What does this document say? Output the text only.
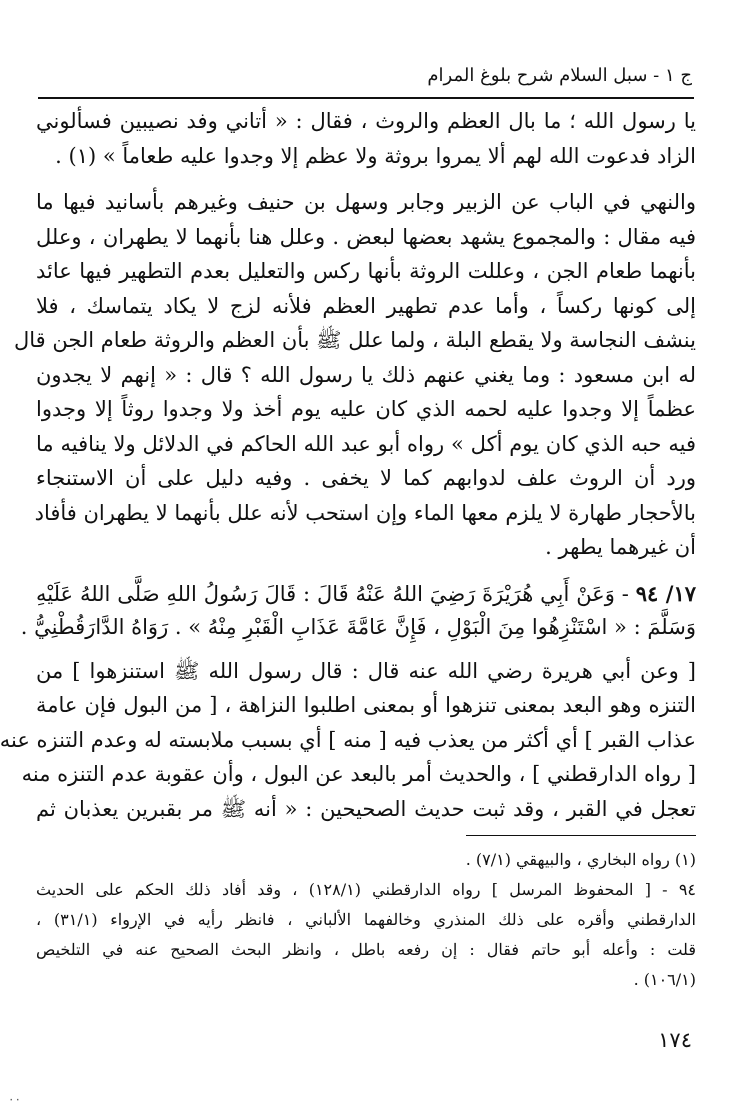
ج ١ - سبل السلام شرح بلوغ المرام
يا رسول الله ؛ ما بال العظم والروث ، فقال : « أتاني وفد نصيبين فسألوني
الزاد فدعوت الله لهم ألا يمروا بروثة ولا عظم إلا وجدوا عليه طعاماً » (١) .
والنهي في الباب عن الزبير وجابر وسهل بن حنيف وغيرهم بأسانيد فيها ما
فيه مقال : والمجموع يشهد بعضها لبعض . وعلل هنا بأنهما لا يطهران ، وعلل
بأنهما طعام الجن ، وعللت الروثة بأنها ركس والتعليل بعدم التطهير فيها عائد
إلى كونها ركساً ، وأما عدم تطهير العظم فلأنه لزج لا يكاد يتماسك ، فلا
ينشف النجاسة ولا يقطع البلة ، ولما علل ﷺ بأن العظم والروثة طعام الجن قال
له ابن مسعود : وما يغني عنهم ذلك يا رسول الله ؟ قال : « إنهم لا يجدون
عظماً إلا وجدوا عليه لحمه الذي كان عليه يوم أخذ ولا وجدوا روثاً إلا وجدوا
فيه حبه الذي كان يوم أكل » رواه أبو عبد الله الحاكم في الدلائل ولا ينافيه ما
ورد أن الروث علف لدوابهم كما لا يخفى . وفيه دليل على أن الاستنجاء
بالأحجار طهارة لا يلزم معها الماء وإن استحب لأنه علل بأنهما لا يطهران فأفاد
أن غيرهما يطهر .
١٧/ ٩٤ - وَعَنْ أَبِي هُرَيْرَةَ رَضِيَ اللهُ عَنْهُ قَالَ : قَالَ رَسُولُ اللهِ صَلَّى اللهُ عَلَيْهِ
وَسَلَّمَ : « اسْتَنْزِهُوا مِنَ الْبَوْلِ ، فَإِنَّ عَامَّةَ عَذَابِ الْقَبْرِ مِنْهُ » . رَوَاهُ الدَّارَقُطْنِيُّ .
[ وعن أبي هريرة رضي الله عنه قال : قال رسول الله ﷺ استنزهوا ] من
التنزه وهو البعد بمعنى تنزهوا أو بمعنى اطلبوا النزاهة ، [ من البول فإن عامة
عذاب القبر ] أي أكثر من يعذب فيه [ منه ] أي بسبب ملابسته له وعدم التنزه عنه
[ رواه الدارقطني ] ، والحديث أمر بالبعد عن البول ، وأن عقوبة عدم التنزه منه
تعجل في القبر ، وقد ثبت حديث الصحيحين : « أنه ﷺ مر بقبرين يعذبان ثم
(١) رواه البخاري ، والبيهقي (٧/١) .
٩٤ - [ المحفوظ المرسل ] رواه الدارقطني (١٢٨/١) ، وقد أفاد ذلك الحكم على الحديث
الدارقطني وأقره على ذلك المنذري وخالفهما الألباني ، فانظر رأيه في الإرواء (٣١/١) ،
قلت : وأعله أبو حاتم فقال : إن رفعه باطل ، وانظر البحث الصحيح عنه في التلخيص
(١٠٦/١) .
١٧٤
٠٠
